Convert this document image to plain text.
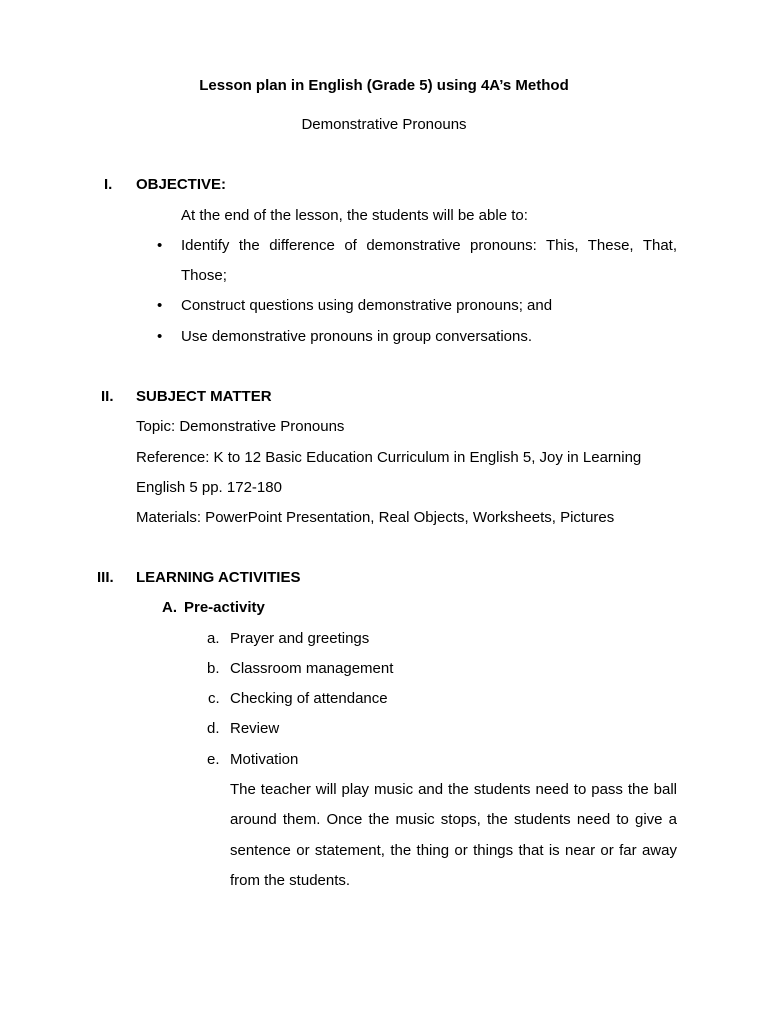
Lesson plan in English (Grade 5) using 4A’s Method
Demonstrative Pronouns
I. OBJECTIVE:
At the end of the lesson, the students will be able to:
• Identify the difference of demonstrative pronouns: This, These, That,
Those;
• Construct questions using demonstrative pronouns; and
• Use demonstrative pronouns in group conversations.
II. SUBJECT MATTER
Topic: Demonstrative Pronouns
Reference: K to 12 Basic Education Curriculum in English 5, Joy in Learning
English 5 pp. 172-180
Materials: PowerPoint Presentation, Real Objects, Worksheets, Pictures
III. LEARNING ACTIVITIES
A. Pre-activity
a. Prayer and greetings
b. Classroom management
c. Checking of attendance
d. Review
e. Motivation
The teacher will play music and the students need to pass the ball
around them. Once the music stops, the students need to give a
sentence or statement, the thing or things that is near or far away
from the students.
